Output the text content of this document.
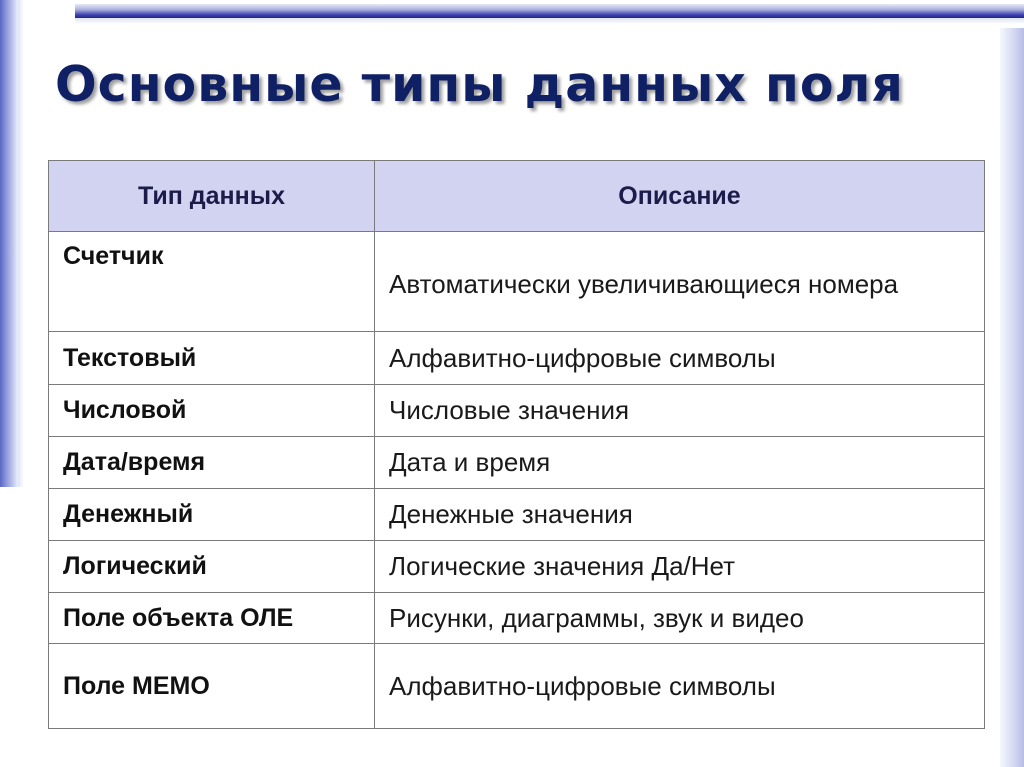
Основные типы данных поля
Тип данных	Описание
Счетчик	Автоматически увеличивающиеся номера
Текстовый	Алфавитно-цифровые символы
Числовой	Числовые значения
Дата/время	Дата и время
Денежный	Денежные значения
Логический	Логические значения Да/Нет
Поле объекта ОЛЕ	Рисунки, диаграммы, звук и видео
Поле МЕМО	Алфавитно-цифровые символы
